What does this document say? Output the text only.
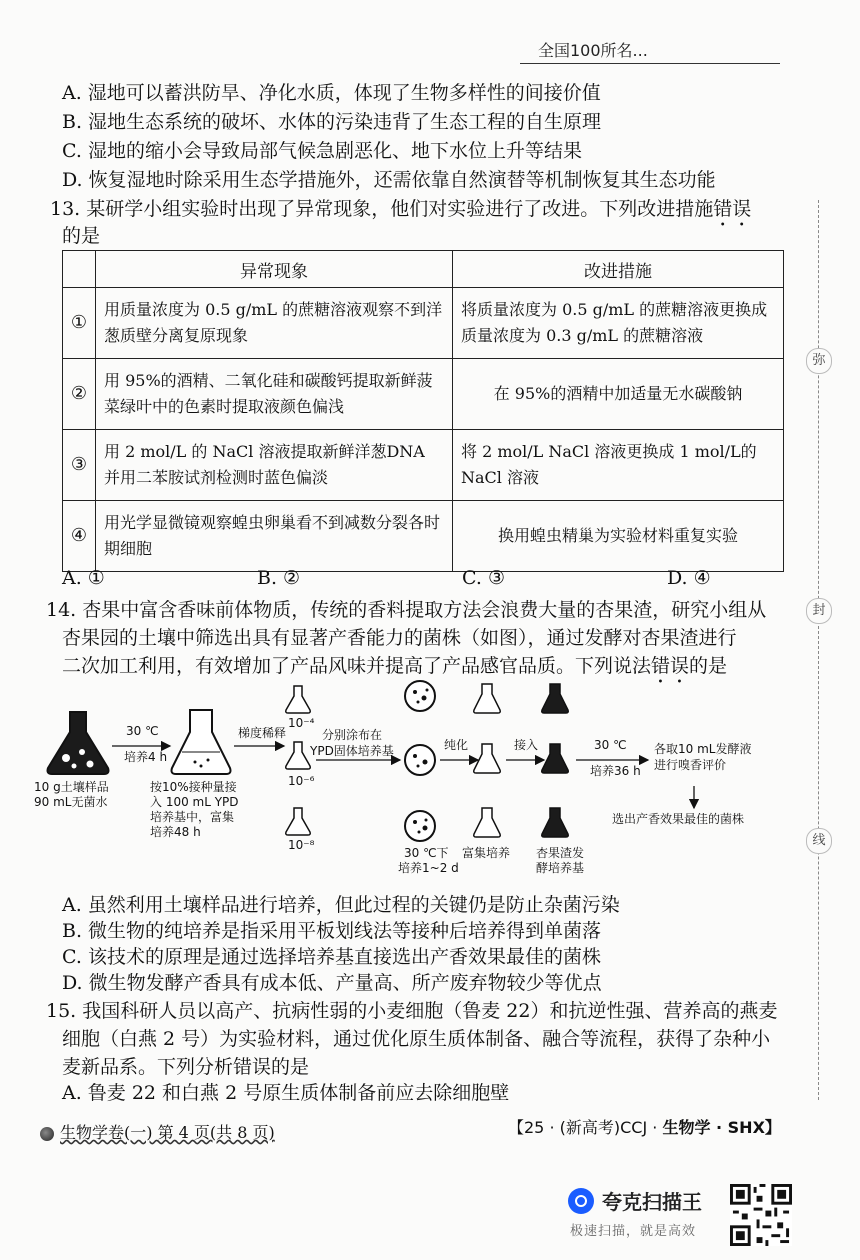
全国100所名...
A. 湿地可以蓄洪防旱、净化水质，体现了生物多样性的间接价值
B. 湿地生态系统的破坏、水体的污染违背了生态工程的自生原理
C. 湿地的缩小会导致局部气候急剧恶化、地下水位上升等结果
D. 恢复湿地时除采用生态学措施外，还需依靠自然演替等机制恢复其生态功能
13. 某研学小组实验时出现了异常现象，他们对实验进行了改进。下列改进措施错误
的是
	异常现象	改进措施
①	用质量浓度为 0.5 g/mL 的蔗糖溶液观察不到洋葱质壁分离复原现象	将质量浓度为 0.5 g/mL 的蔗糖溶液更换成质量浓度为 0.3 g/mL 的蔗糖溶液
②	用 95%的酒精、二氧化硅和碳酸钙提取新鲜菠菜绿叶中的色素时提取液颜色偏浅	在 95%的酒精中加适量无水碳酸钠
③	用 2 mol/L 的 NaCl 溶液提取新鲜洋葱DNA 并用二苯胺试剂检测时蓝色偏淡	将 2 mol/L NaCl 溶液更换成 1 mol/L的 NaCl 溶液
④	用光学显微镜观察蝗虫卵巢看不到减数分裂各时期细胞	换用蝗虫精巢为实验材料重复实验
A. ①	B. ②	C. ③	D. ④
14. 杏果中富含香味前体物质，传统的香料提取方法会浪费大量的杏果渣，研究小组从
杏果园的土壤中筛选出具有显著产香能力的菌株（如图），通过发酵对杏果渣进行
二次加工利用，有效增加了产品风味并提高了产品感官品质。下列说法错误的是
10 g土壤样品
90 mL无菌水
30 ℃
培养4 h
按10%接种量接
入 100 mL YPD
培养基中，富集
培养48 h
梯度稀释
10⁻⁴
10⁻⁶
10⁻⁸
分别涂布在
YPD固体培养基
30 ℃下
培养1~2 d
纯化
富集培养
接入
杏果渣发
酵培养基
30 ℃
培养36 h
各取10 mL发酵液
进行嗅香评价
选出产香效果最佳的菌株
A. 虽然利用土壤样品进行培养，但此过程的关键仍是防止杂菌污染
B. 微生物的纯培养是指采用平板划线法等接种后培养得到单菌落
C. 该技术的原理是通过选择培养基直接选出产香效果最佳的菌株
D. 微生物发酵产香具有成本低、产量高、所产废弃物较少等优点
15. 我国科研人员以高产、抗病性弱的小麦细胞（鲁麦 22）和抗逆性强、营养高的燕麦
细胞（白燕 2 号）为实验材料，通过优化原生质体制备、融合等流程，获得了杂种小
麦新品系。下列分析错误的是
A. 鲁麦 22 和白燕 2 号原生质体制备前应去除细胞壁
弥
封
线
生物学卷(一) 第 4 页(共 8 页)	【25 · (新高考)CCJ · 生物学 · SHX】
夸克扫描王
极速扫描，就是高效
